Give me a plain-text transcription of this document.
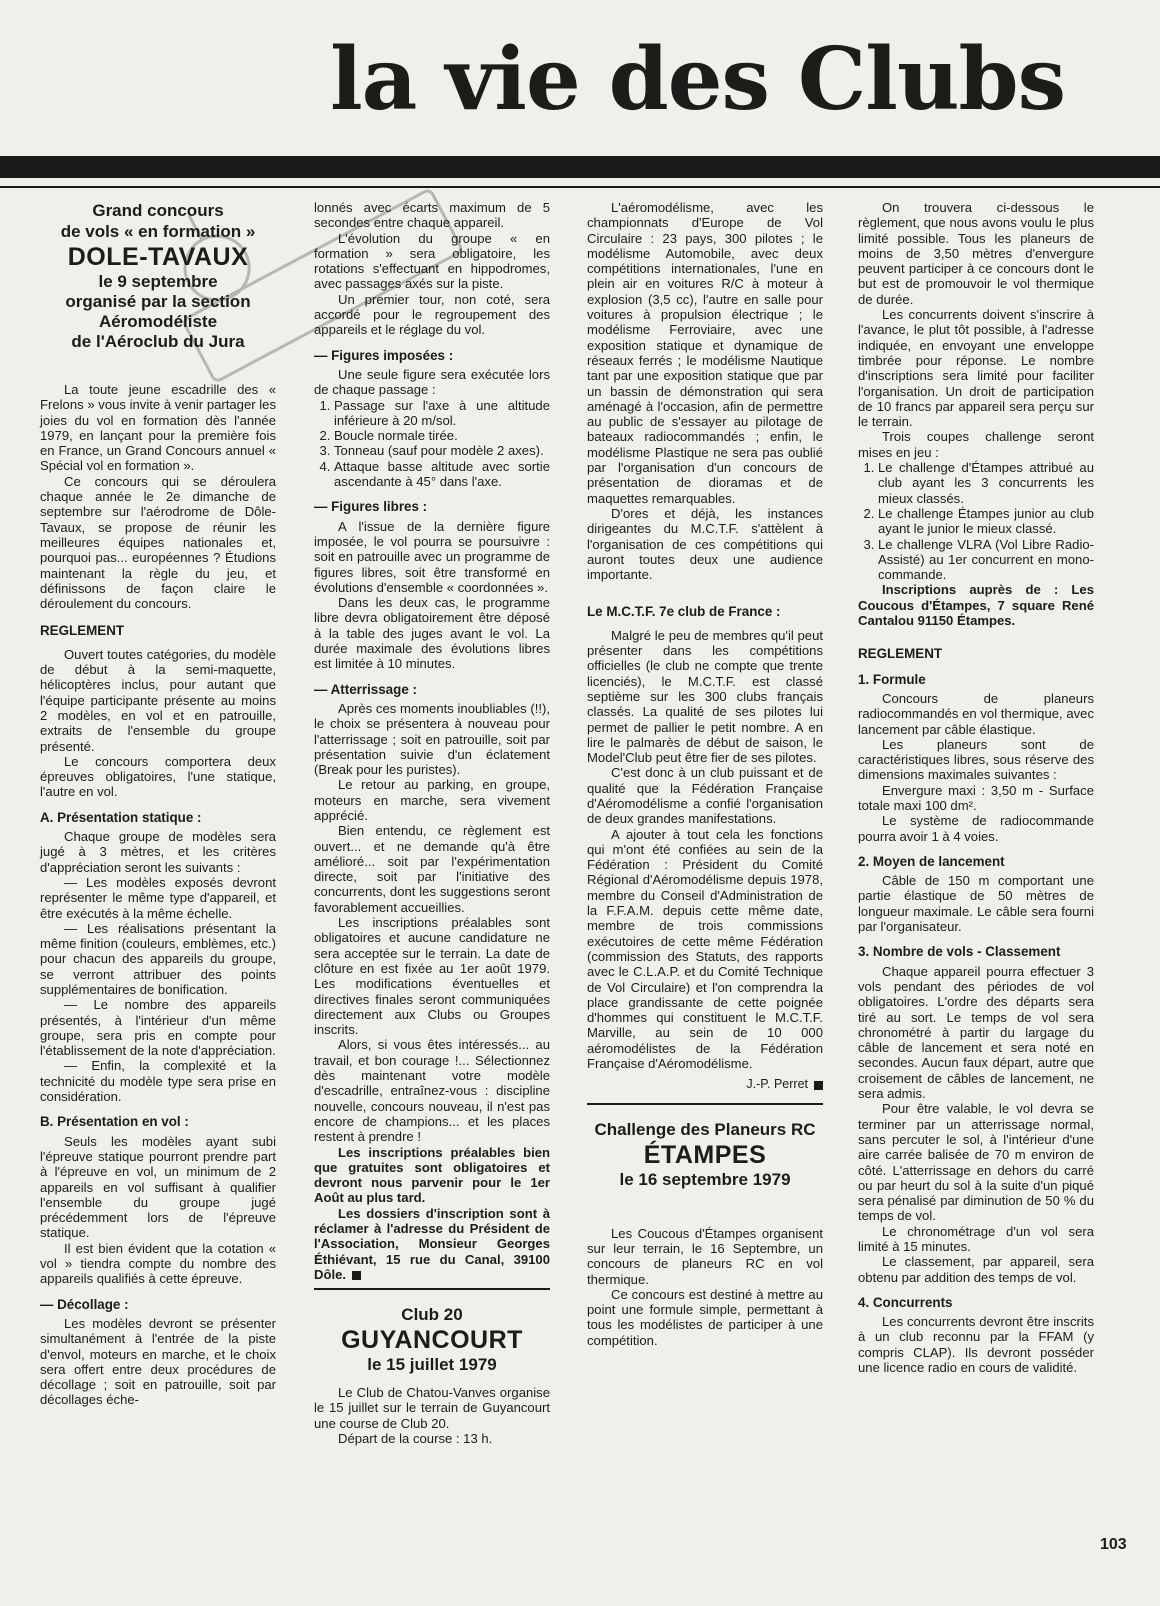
la vie des Clubs
Grand concours
de vols « en formation »
DOLE-TAVAUX
le 9 septembre
organisé par la section
Aéromodéliste
de l'Aéroclub du Jura

La toute jeune escadrille des « Frelons » vous invite à venir partager les joies du vol en formation dès l'année 1979, en lançant pour la première fois en France, un Grand Concours annuel « Spécial vol en formation ».

Ce concours qui se déroulera chaque année le 2e dimanche de septembre sur l'aérodrome de Dôle-Tavaux, se propose de réunir les meilleures équipes nationales et, pourquoi pas... européennes ? Étudions maintenant la règle du jeu, et définissons de façon claire le déroulement du concours.

REGLEMENT

Ouvert toutes catégories, du modèle de début à la semi-maquette, hélicoptères inclus, pour autant que l'équipe participante présente au moins 2 modèles, en vol et en patrouille, extraits de l'ensemble du groupe présenté.

Le concours comportera deux épreuves obligatoires, l'une statique, l'autre en vol.

A. Présentation statique :

Chaque groupe de modèles sera jugé à 3 mètres, et les critères d'appréciation seront les suivants :

— Les modèles exposés devront représenter le même type d'appareil, et être exécutés à la même échelle.

— Les réalisations présentant la même finition (couleurs, emblèmes, etc.) pour chacun des appareils du groupe, se verront attribuer des points supplémentaires de bonification.

— Le nombre des appareils présentés, à l'intérieur d'un même groupe, sera pris en compte pour l'établissement de la note d'appréciation.

— Enfin, la complexité et la technicité du modèle type sera prise en considération.

B. Présentation en vol :

Seuls les modèles ayant subi l'épreuve statique pourront prendre part à l'épreuve en vol, un minimum de 2 appareils en vol suffisant à qualifier l'ensemble du groupe jugé précédemment lors de l'épreuve statique.

Il est bien évident que la cotation « vol » tiendra compte du nombre des appareils qualifiés à cette épreuve.

— Décollage :

Les modèles devront se présenter simultanément à l'entrée de la piste d'envol, moteurs en marche, et le choix sera offert entre deux procédures de décollage ; soit en patrouille, soit par décollages éche-

lonnés avec écarts maximum de 5 secondes entre chaque appareil.

L'évolution du groupe « en formation » sera obligatoire, les rotations s'effectuant en hippodromes, avec passages axés sur la piste.

Un premier tour, non coté, sera accordé pour le regroupement des appareils et le réglage du vol.

— Figures imposées :

Une seule figure sera exécutée lors de chaque passage :

1. Passage sur l'axe à une altitude inférieure à 20 m/sol.
2. Boucle normale tirée.
3. Tonneau (sauf pour modèle 2 axes).
4. Attaque basse altitude avec sortie ascendante à 45° dans l'axe.
— Figures libres :

A l'issue de la dernière figure imposée, le vol pourra se poursuivre : soit en patrouille avec un programme de figures libres, soit être transformé en évolutions d'ensemble « coordonnées ».

Dans les deux cas, le programme libre devra obligatoirement être déposé à la table des juges avant le vol. La durée maximale des évolutions libres est limitée à 10 minutes.

— Atterrissage :

Après ces moments inoubliables (!!), le choix se présentera à nouveau pour l'atterrissage ; soit en patrouille, soit par présentation suivie d'un éclatement (Break pour les puristes).

Le retour au parking, en groupe, moteurs en marche, sera vivement apprécié.

Bien entendu, ce règlement est ouvert... et ne demande qu'à être amélioré... soit par l'expérimentation directe, soit par l'initiative des concurrents, dont les suggestions seront favorablement accueillies.

Les inscriptions préalables sont obligatoires et aucune candidature ne sera acceptée sur le terrain. La date de clôture en est fixée au 1er août 1979. Les modifications éventuelles et directives finales seront communiquées directement aux Clubs ou Groupes inscrits.

Alors, si vous êtes intéressés... au travail, et bon courage !... Sélectionnez dès maintenant votre modèle d'escadrille, entraînez-vous : discipline nouvelle, concours nouveau, il n'est pas encore de champions... et les places restent à prendre !

Les inscriptions préalables bien que gratuites sont obligatoires et devront nous parvenir pour le 1er Août au plus tard.

Les dossiers d'inscription sont à réclamer à l'adresse du Président de l'Association, Monsieur Georges Éthiévant, 15 rue du Canal, 39100 Dôle.

Club 20
GUYANCOURT
le 15 juillet 1979

Le Club de Chatou-Vanves organise le 15 juillet sur le terrain de Guyancourt une course de Club 20.

Départ de la course : 13 h.

L'aéromodélisme, avec les championnats d'Europe de Vol Circulaire : 23 pays, 300 pilotes ; le modélisme Automobile, avec deux compétitions internationales, l'une en plein air en voitures R/C à moteur à explosion (3,5 cc), l'autre en salle pour voitures à propulsion électrique ; le modélisme Ferroviaire, avec une exposition statique et dynamique de réseaux ferrés ; le modélisme Nautique tant par une exposition statique que par un bassin de démonstration qui sera aménagé à l'occasion, afin de permettre au public de s'essayer au pilotage de bateaux radiocommandés ; enfin, le modélisme Plastique ne sera pas oublié par l'organisation d'un concours de présentation de dioramas et de maquettes remarquables.

D'ores et déjà, les instances dirigeantes du M.C.T.F. s'attèlent à l'organisation de ces compétitions qui auront toutes deux une audience importante.

Le M.C.T.F. 7e club de France :

Malgré le peu de membres qu'il peut présenter dans les compétitions officielles (le club ne compte que trente licenciés), le M.C.T.F. est classé septième sur les 300 clubs français classés. La qualité de ses pilotes lui permet de pallier le petit nombre. A en lire le palmarès de début de saison, le Model'Club peut être fier de ses pilotes.

C'est donc à un club puissant et de qualité que la Fédération Française d'Aéromodélisme a confié l'organisation de deux grandes manifestations.

A ajouter à tout cela les fonctions qui m'ont été confiées au sein de la Fédération : Président du Comité Régional d'Aéromodélisme depuis 1978, membre du Conseil d'Administration de la F.F.A.M. depuis cette même date, membre de trois commissions exécutoires de cette même Fédération (commission des Statuts, des rapports avec le C.L.A.P. et du Comité Technique de Vol Circulaire) et l'on comprendra la place grandissante de cette poignée d'hommes qui constituent le M.C.T.F. Marville, au sein de 10 000 aéromodélistes de la Fédération Française d'Aéromodélisme.

J.-P. Perret
Challenge des Planeurs RC
ÉTAMPES
le 16 septembre 1979

Les Coucous d'Étampes organisent sur leur terrain, le 16 Septembre, un concours de planeurs RC en vol thermique.

Ce concours est destiné à mettre au point une formule simple, permettant à tous les modélistes de participer à une compétition.

On trouvera ci-dessous le règlement, que nous avons voulu le plus limité possible. Tous les planeurs de moins de 3,50 mètres d'envergure peuvent participer à ce concours dont le but est de promouvoir le vol thermique de durée.

Les concurrents doivent s'inscrire à l'avance, le plut tôt possible, à l'adresse indiquée, en envoyant une enveloppe timbrée pour réponse. Le nombre d'inscriptions sera limité pour faciliter l'organisation. Un droit de participation de 10 francs par appareil sera perçu sur le terrain.

Trois coupes challenge seront mises en jeu :

1. Le challenge d'Étampes attribué au club ayant les 3 concurrents les mieux classés.
2. Le challenge Étampes junior au club ayant le junior le mieux classé.
3. Le challenge VLRA (Vol Libre Radio-Assisté) au 1er concurrent en mono-commande.

Inscriptions auprès de : Les Coucous d'Étampes, 7 square René Cantalou 91150 Étampes.

REGLEMENT
1. Formule

Concours de planeurs radiocommandés en vol thermique, avec lancement par câble élastique.

Les planeurs sont de caractéristiques libres, sous réserve des dimensions maximales suivantes :

Envergure maxi : 3,50 m - Surface totale maxi 100 dm².

Le système de radiocommande pourra avoir 1 à 4 voies.

2. Moyen de lancement

Câble de 150 m comportant une partie élastique de 50 mètres de longueur maximale. Le câble sera fourni par l'organisateur.

3. Nombre de vols - Classement

Chaque appareil pourra effectuer 3 vols pendant des périodes de vol obligatoires. L'ordre des départs sera tiré au sort. Le temps de vol sera chronométré à partir du largage du câble de lancement et sera noté en secondes. Aucun faux départ, autre que croisement de câbles de lancement, ne sera admis.

Pour être valable, le vol devra se terminer par un atterrissage normal, sans percuter le sol, à l'intérieur d'une aire carrée balisée de 70 m environ de côté. L'atterrissage en dehors du carré ou par heurt du sol à la suite d'un piqué sera pénalisé par diminution de 50 % du temps de vol.

Le chronométrage d'un vol sera limité à 15 minutes.

Le classement, par appareil, sera obtenu par addition des temps de vol.

4. Concurrents

Les concurrents devront être inscrits à un club reconnu par la FFAM (y compris CLAP). Ils devront posséder une licence radio en cours de validité.

103
